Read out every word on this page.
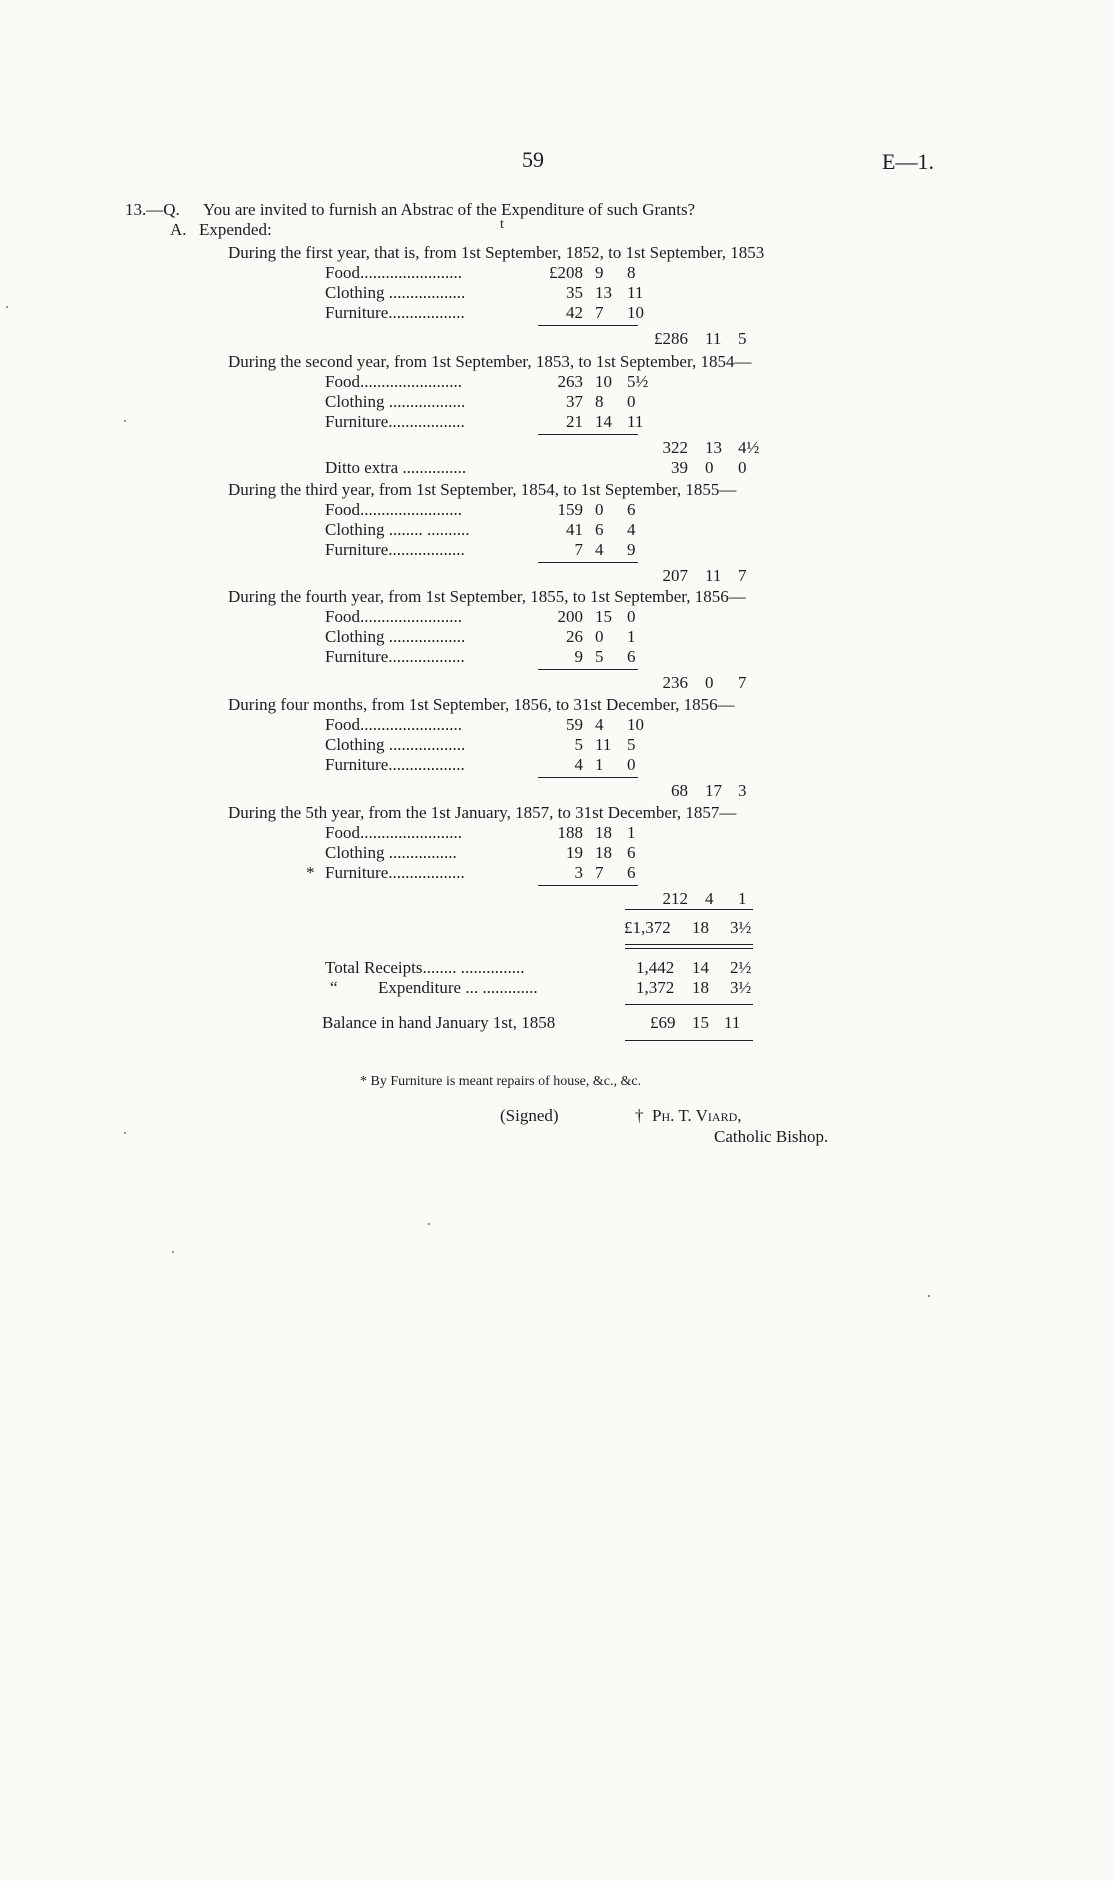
59	E—1.
13.—Q. You are invited to furnish an Abstrac of the Expenditure of such Grants?
t
A. Expended:
During the first year, that is, from 1st September, 1852, to 1st September, 1853
Food........................	£208 9 8
Clothing ..................	35 13 11
Furniture..................	42 7 10
£286 11 5
During the second year, from 1st September, 1853, to 1st September, 1854—
Food........................	263 10 5½
Clothing ..................	37 8 0
Furniture..................	21 14 11
322 13 4½
Ditto extra ...............	39 0 0
During the third year, from 1st September, 1854, to 1st September, 1855—
Food........................	159 0 6
Clothing ........ ..........	41 6 4
Furniture..................	7 4 9
207 11 7
During the fourth year, from 1st September, 1855, to 1st September, 1856—
Food........................	200 15 0
Clothing ..................	26 0 1
Furniture..................	9 5 6
236 0 7
During four months, from 1st September, 1856, to 31st December, 1856—
Food........................	59 4 10
Clothing ..................	5 11 5
Furniture..................	4 1 0
68 17 3
During the 5th year, from the 1st January, 1857, to 31st December, 1857—
Food........................	188 18 1
Clothing ................	19 18 6
* Furniture..................	3 7 6
212 4 1
£1,372 18 3½
Total Receipts........ ...............	1,442 14 2½
“ Expenditure ... .............	1,372 18 3½
Balance in hand January 1st, 1858	£69 15 11
* By Furniture is meant repairs of house, &c., &c.
(Signed)	† Ph. T. Viard,
Catholic Bishop.
